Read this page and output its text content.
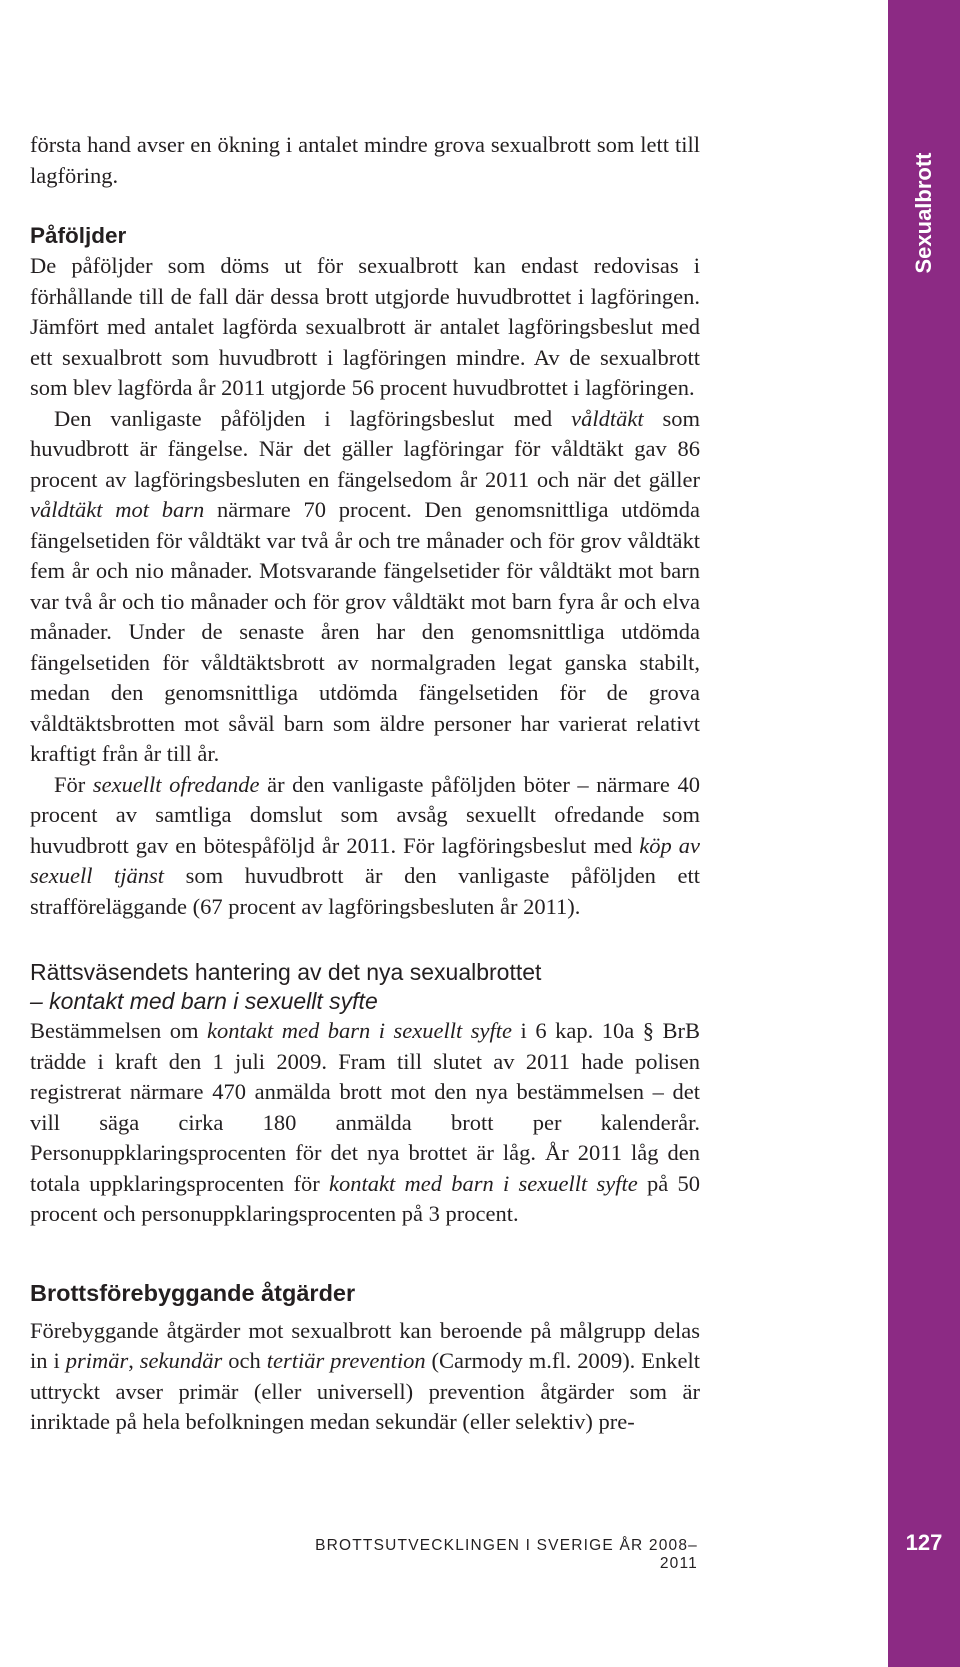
första hand avser en ökning i antalet mindre grova sexualbrott som lett till lagföring.

Påföljder

De påföljder som döms ut för sexualbrott kan endast redovisas i förhållande till de fall där dessa brott utgjorde huvudbrottet i lagföringen. Jämfört med antalet lagförda sexualbrott är antalet lagföringsbeslut med ett sexualbrott som huvudbrott i lagföringen mindre. Av de sexualbrott som blev lagförda år 2011 utgjorde 56 procent huvudbrottet i lagföringen.

Den vanligaste påföljden i lagföringsbeslut med våldtäkt som huvudbrott är fängelse. När det gäller lagföringar för våldtäkt gav 86 procent av lagföringsbesluten en fängelsedom år 2011 och när det gäller våldtäkt mot barn närmare 70 procent. Den genomsnittliga utdömda fängelsetiden för våldtäkt var två år och tre månader och för grov våldtäkt fem år och nio månader. Motsvarande fängelsetider för våldtäkt mot barn var två år och tio månader och för grov våldtäkt mot barn fyra år och elva månader. Under de senaste åren har den genomsnittliga utdömda fängelsetiden för våldtäktsbrott av normalgraden legat ganska stabilt, medan den genomsnittliga utdömda fängelsetiden för de grova våldtäktsbrotten mot såväl barn som äldre personer har varierat relativt kraftigt från år till år.

För sexuellt ofredande är den vanligaste påföljden böter – närmare 40 procent av samtliga domslut som avsåg sexuellt ofredande som huvudbrott gav en bötespåföljd år 2011. För lagföringsbeslut med köp av sexuell tjänst som huvudbrott är den vanligaste påföljden ett strafföreläggande (67 procent av lagföringsbesluten år 2011).

Rättsväsendets hantering av det nya sexualbrottet
– kontakt med barn i sexuellt syfte

Bestämmelsen om kontakt med barn i sexuellt syfte i 6 kap. 10a § BrB trädde i kraft den 1 juli 2009. Fram till slutet av 2011 hade polisen registrerat närmare 470 anmälda brott mot den nya bestämmelsen – det vill säga cirka 180 anmälda brott per kalenderår. Personuppklaringsprocenten för det nya brottet är låg. År 2011 låg den totala uppklaringsprocenten för kontakt med barn i sexuellt syfte på 50 procent och personuppklaringsprocenten på 3 procent.

Brottsförebyggande åtgärder

Förebyggande åtgärder mot sexualbrott kan beroende på målgrupp delas in i primär, sekundär och tertiär prevention (Carmody m.fl. 2009). Enkelt uttryckt avser primär (eller universell) prevention åtgärder som är inriktade på hela befolkningen medan sekundär (eller selektiv) pre-

BROTTSUTVECKLINGEN I SVERIGE ÅR 2008–2011
Sexualbrott
127
